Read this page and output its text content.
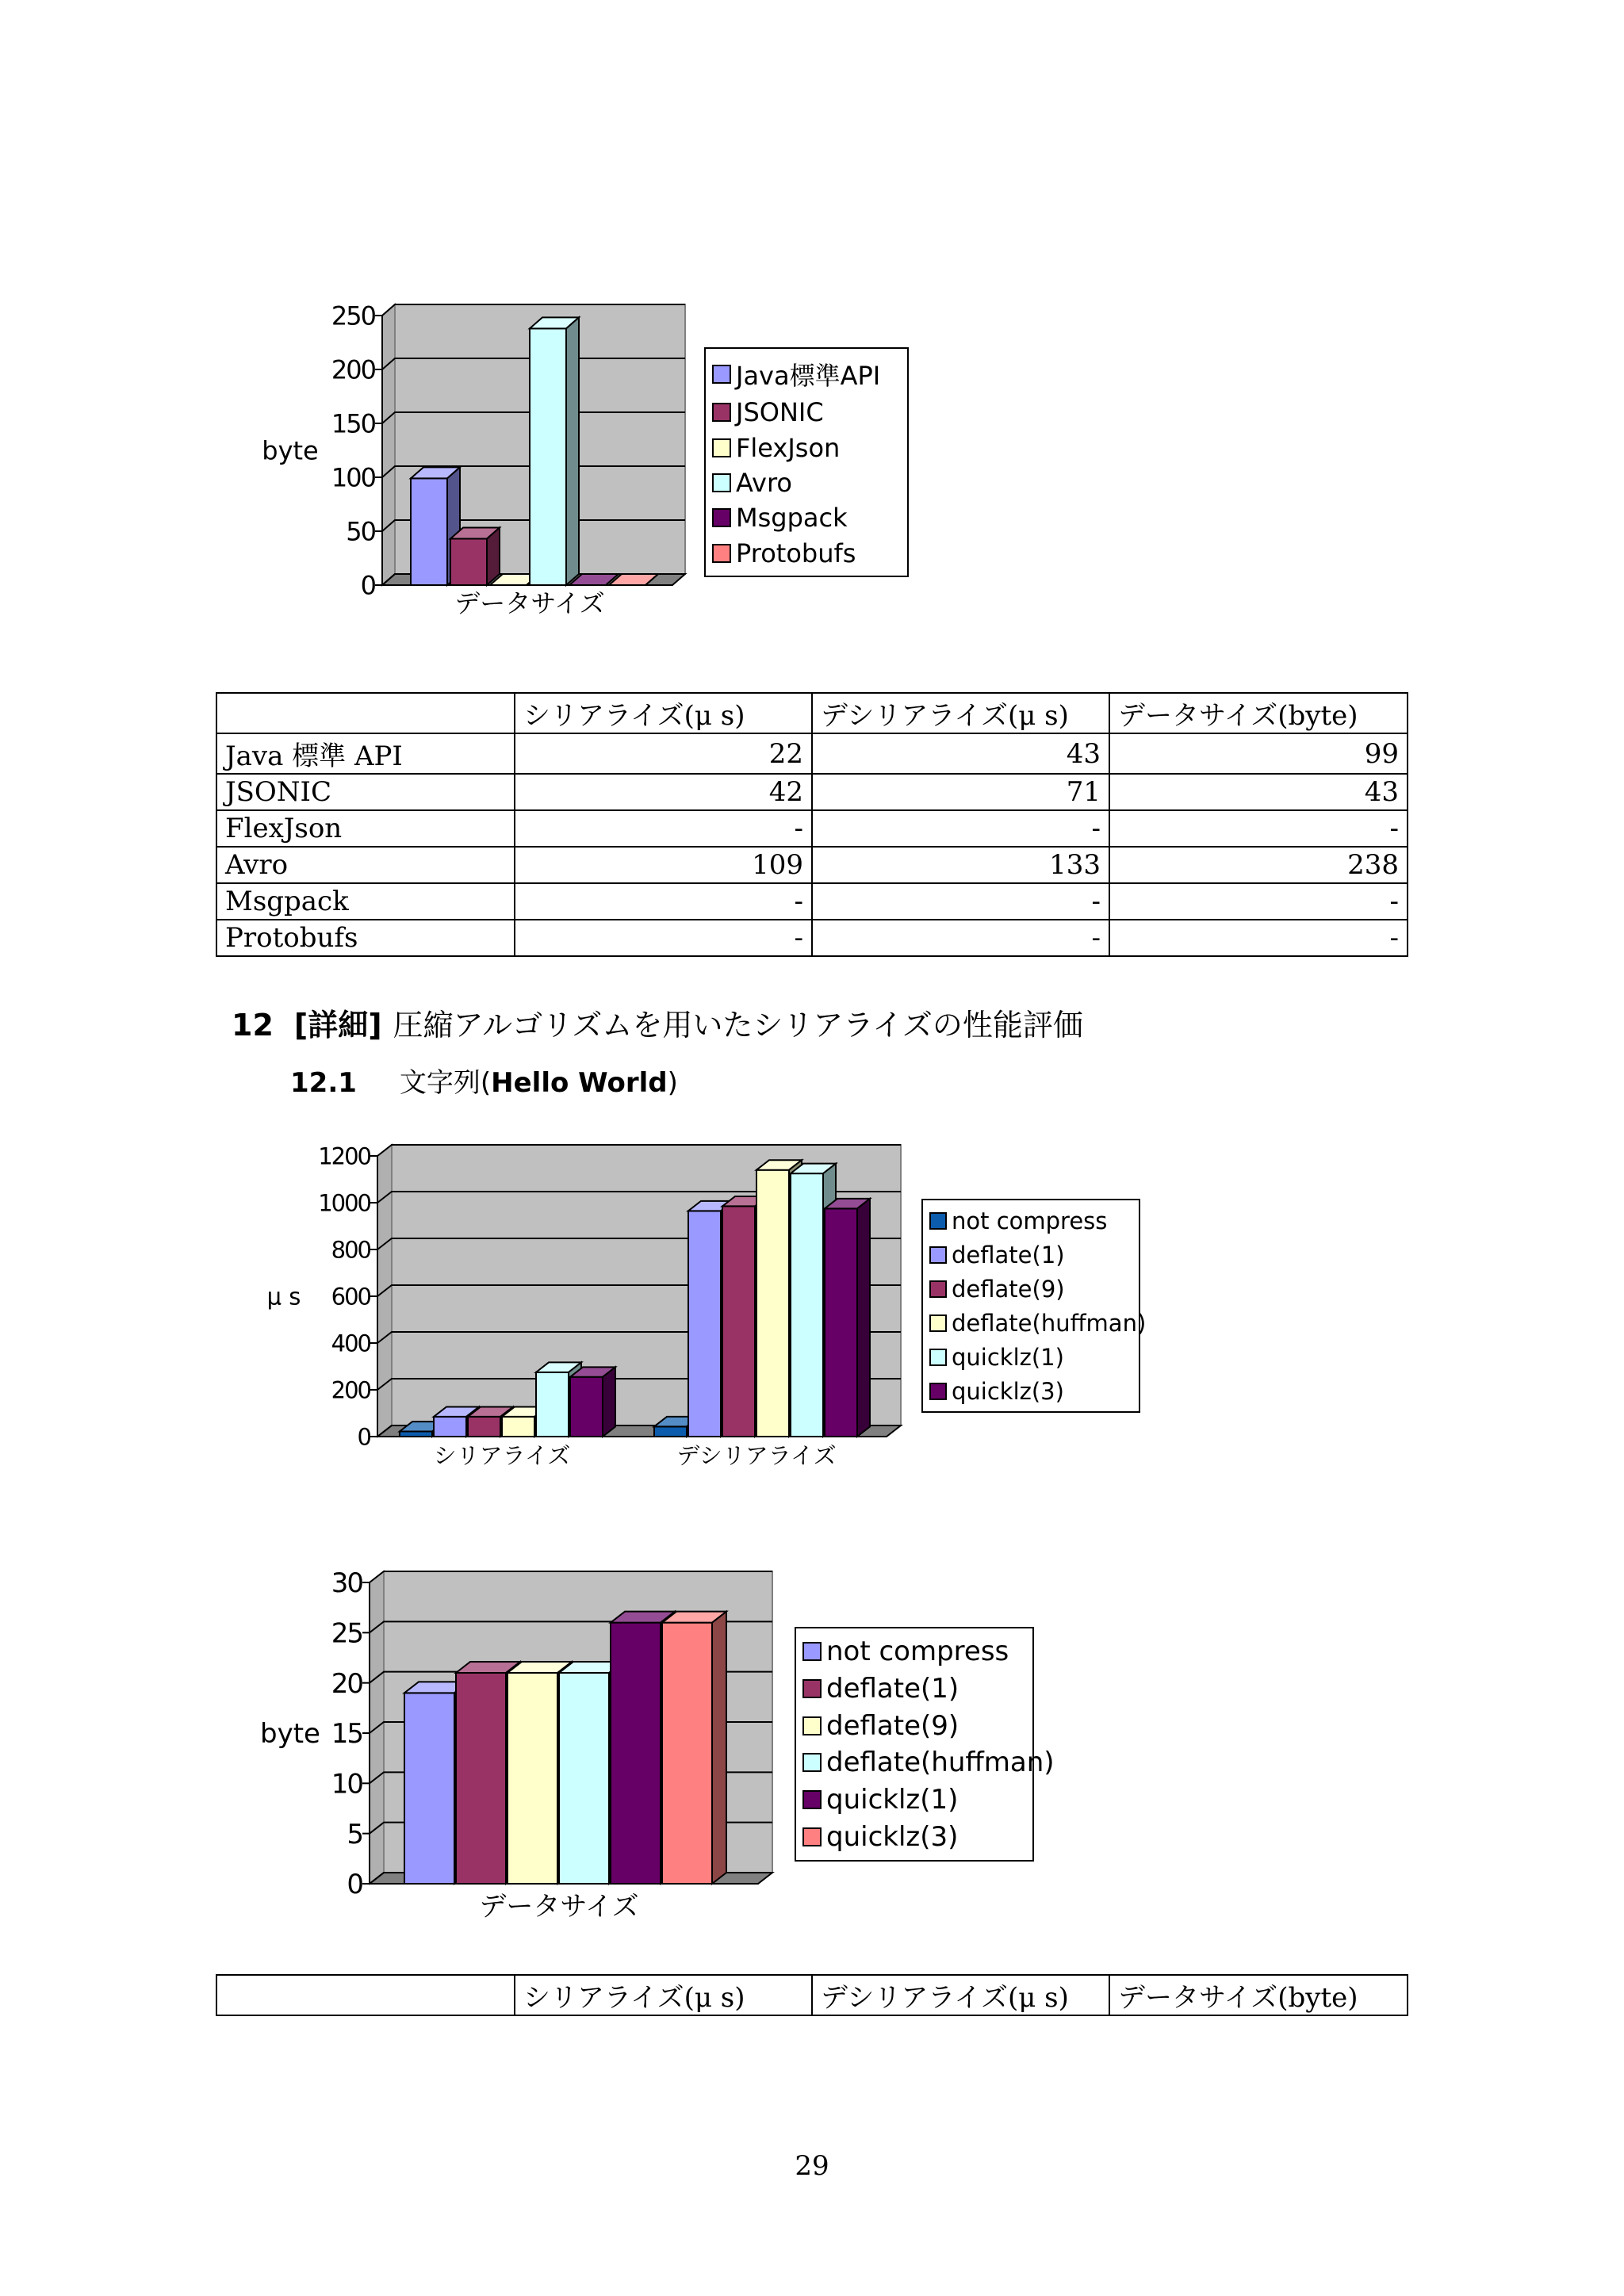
0
50
100
150
200
250
byte
データサイズ
Java標準API
JSONIC
FlexJson
Avro
Msgpack
Protobufs
	シリアライズ(μ s)	デシリアライズ(μ s)	データサイズ(byte)
Java 標準 API	22	43	99
JSONIC	42	71	43
FlexJson	-	-	-
Avro	109	133	238
Msgpack	-	-	-
Protobufs	-	-	-
12 [詳細] 圧縮アルゴリズムを用いたシリアライズの性能評価
12.1 文字列(Hello World)
0
200
400
600
800
1000
1200
μ s
シリアライズ	デシリアライズ
not compress
deflate(1)
deflate(9)
deflate(huffman)
quicklz(1)
quicklz(3)
0
5
10
15
20
25
30
byte
データサイズ
not compress
deflate(1)
deflate(9)
deflate(huffman)
quicklz(1)
quicklz(3)
	シリアライズ(μ s)	デシリアライズ(μ s)	データサイズ(byte)
29
